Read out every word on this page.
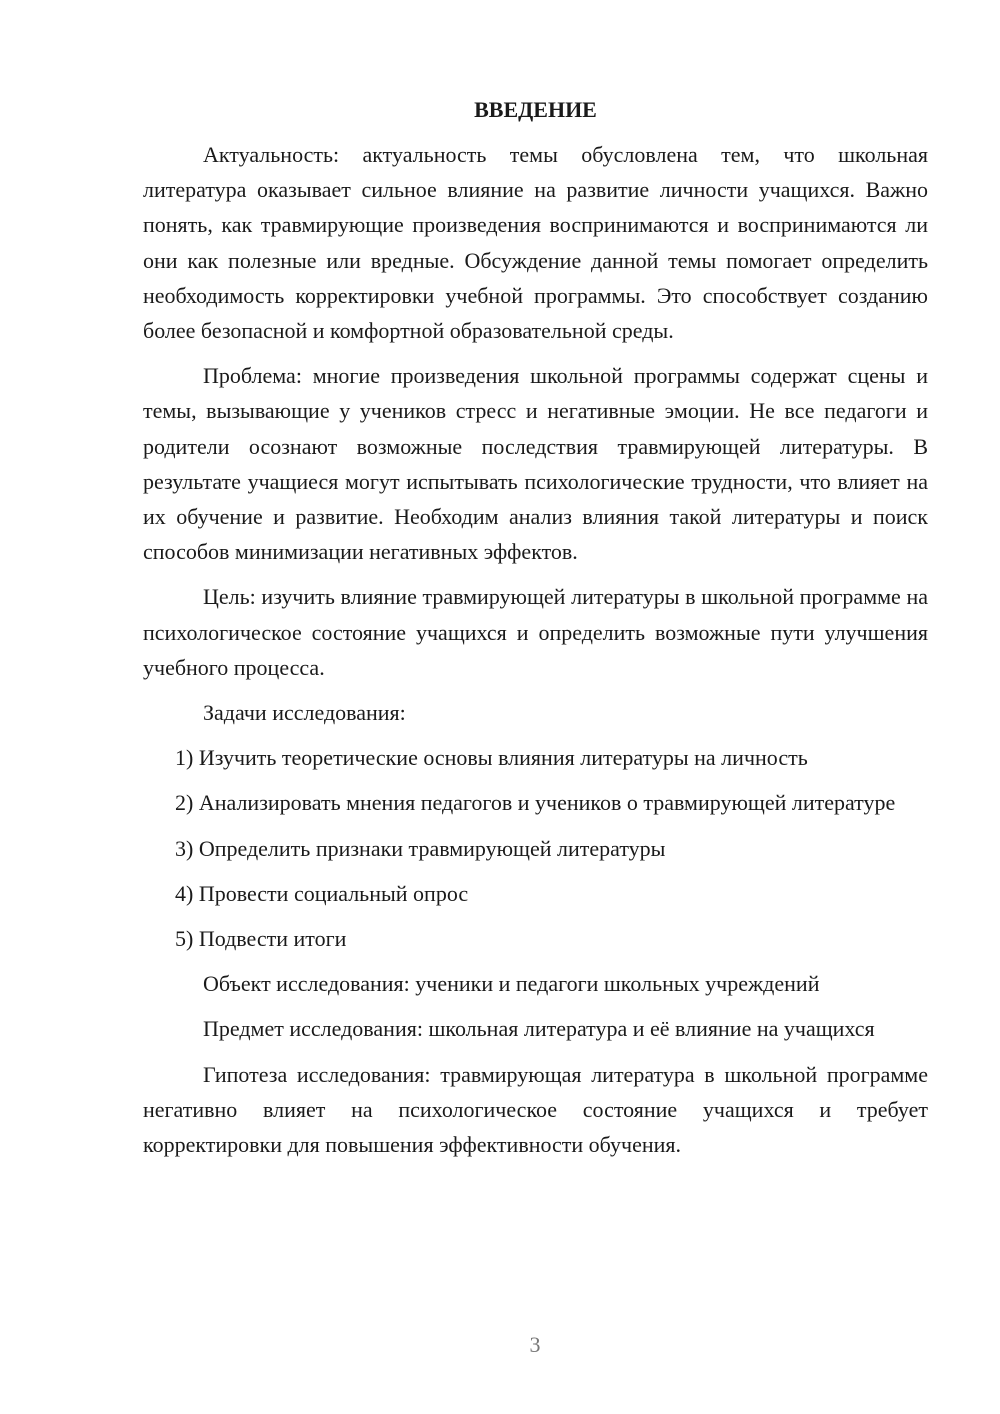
ВВЕДЕНИЕ

Актуальность: актуальность темы обусловлена тем, что школьная литература оказывает сильное влияние на развитие личности учащихся. Важно понять, как травмирующие произведения воспринимаются и воспринимаются ли они как полезные или вредные. Обсуждение данной темы помогает определить необходимость корректировки учебной программы. Это способствует созданию более безопасной и комфортной образовательной среды.

Проблема: многие произведения школьной программы содержат сцены и темы, вызывающие у учеников стресс и негативные эмоции. Не все педагоги и родители осознают возможные последствия травмирующей литературы. В результате учащиеся могут испытывать психологические трудности, что влияет на их обучение и развитие. Необходим анализ влияния такой литературы и поиск способов минимизации негативных эффектов.

Цель: изучить влияние травмирующей литературы в школьной программе на психологическое состояние учащихся и определить возможные пути улучшения учебного процесса.

Задачи исследования:

1) Изучить теоретические основы влияния литературы на личность

2) Анализировать мнения педагогов и учеников о травмирующей литературе

3) Определить признаки травмирующей литературы

4) Провести социальный опрос

5) Подвести итоги

Объект исследования: ученики и педагоги школьных учреждений

Предмет исследования: школьная литература и её влияние на учащихся

Гипотеза исследования: травмирующая литература в школьной программе негативно влияет на психологическое состояние учащихся и требует корректировки для повышения эффективности обучения.

3
